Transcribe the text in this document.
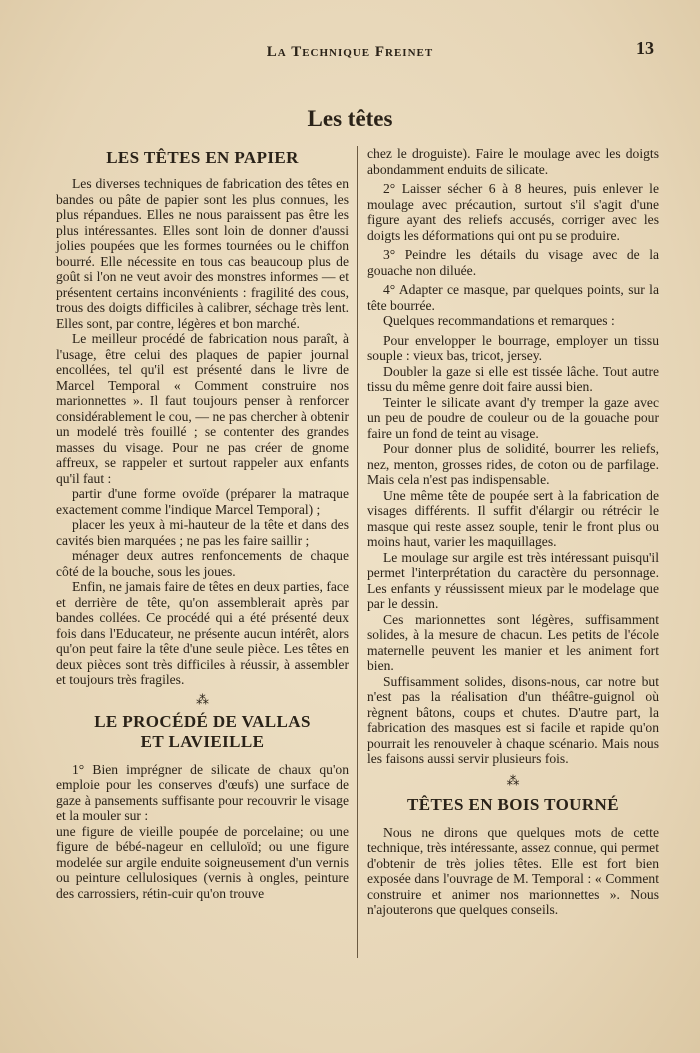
La Technique Freinet	13
Les têtes
LES TÊTES EN PAPIER

Les diverses techniques de fabrication des têtes en bandes ou pâte de papier sont les plus connues, les plus répandues. Elles ne nous paraissent pas être les plus intéressantes. Elles sont loin de donner d'aussi jolies poupées que les formes tournées ou le chiffon bourré. Elle nécessite en tous cas beaucoup plus de goût si l'on ne veut avoir des monstres informes — et présentent certains inconvénients : fragilité des cous, trous des doigts difficiles à calibrer, séchage très lent. Elles sont, par contre, légères et bon marché.

Le meilleur procédé de fabrication nous paraît, à l'usage, être celui des plaques de papier journal encollées, tel qu'il est présenté dans le livre de Marcel Temporal « Comment construire nos marionnettes ». Il faut toujours penser à renforcer considérablement le cou, — ne pas chercher à obtenir un modelé très fouillé ; se contenter des grandes masses du visage. Pour ne pas créer de gnome affreux, se rappeler et surtout rappeler aux enfants qu'il faut :

partir d'une forme ovoïde (préparer la matraque exactement comme l'indique Marcel Temporal) ;

placer les yeux à mi-hauteur de la tête et dans des cavités bien marquées ; ne pas les faire saillir ;

ménager deux autres renfoncements de chaque côté de la bouche, sous les joues.

Enfin, ne jamais faire de têtes en deux parties, face et derrière de tête, qu'on assemblerait après par bandes collées. Ce procédé qui a été présenté deux fois dans l'Educateur, ne présente aucun intérêt, alors qu'on peut faire la tête d'une seule pièce. Les têtes en deux pièces sont très difficiles à réussir, à assembler et toujours très fragiles.

⁂
LE PROCÉDÉ DE VALLAS
ET LAVIEILLE

1° Bien imprégner de silicate de chaux qu'on emploie pour les conserves d'œufs) une surface de gaze à pansements suffisante pour recouvrir le visage et la mouler sur :

une figure de vieille poupée de porcelaine; ou une figure de bébé-nageur en celluloïd; ou une figure modelée sur argile enduite soigneusement d'un vernis ou peinture cellulosiques (vernis à ongles, peinture des carrossiers, rétin-cuir qu'on trouve

chez le droguiste). Faire le moulage avec les doigts abondamment enduits de silicate.

2° Laisser sécher 6 à 8 heures, puis enlever le moulage avec précaution, surtout s'il s'agit d'une figure ayant des reliefs accusés, corriger avec les doigts les déformations qui ont pu se produire.

3° Peindre les détails du visage avec de la gouache non diluée.

4° Adapter ce masque, par quelques points, sur la tête bourrée.

Quelques recommandations et remarques :

Pour envelopper le bourrage, employer un tissu souple : vieux bas, tricot, jersey.

Doubler la gaze si elle est tissée lâche. Tout autre tissu du même genre doit faire aussi bien.

Teinter le silicate avant d'y tremper la gaze avec un peu de poudre de couleur ou de la gouache pour faire un fond de teint au visage.

Pour donner plus de solidité, bourrer les reliefs, nez, menton, grosses rides, de coton ou de parfilage. Mais cela n'est pas indispensable.

Une même tête de poupée sert à la fabrication de visages différents. Il suffit d'élargir ou rétrécir le masque qui reste assez souple, tenir le front plus ou moins haut, varier les maquillages.

Le moulage sur argile est très intéressant puisqu'il permet l'interprétation du caractère du personnage. Les enfants y réussissent mieux par le modelage que par le dessin.

Ces marionnettes sont légères, suffisamment solides, à la mesure de chacun. Les petits de l'école maternelle peuvent les manier et les animent fort bien.

Suffisamment solides, disons-nous, car notre but n'est pas la réalisation d'un théâtre-guignol où règnent bâtons, coups et chutes. D'autre part, la fabrication des masques est si facile et rapide qu'on pourrait les renouveler à chaque scénario. Mais nous les faisons aussi servir plusieurs fois.

⁂
TÊTES EN BOIS TOURNÉ

Nous ne dirons que quelques mots de cette technique, très intéressante, assez connue, qui permet d'obtenir de très jolies têtes. Elle est fort bien exposée dans l'ouvrage de M. Temporal : « Comment construire et animer nos marionnettes ». Nous n'ajouterons que quelques conseils.
